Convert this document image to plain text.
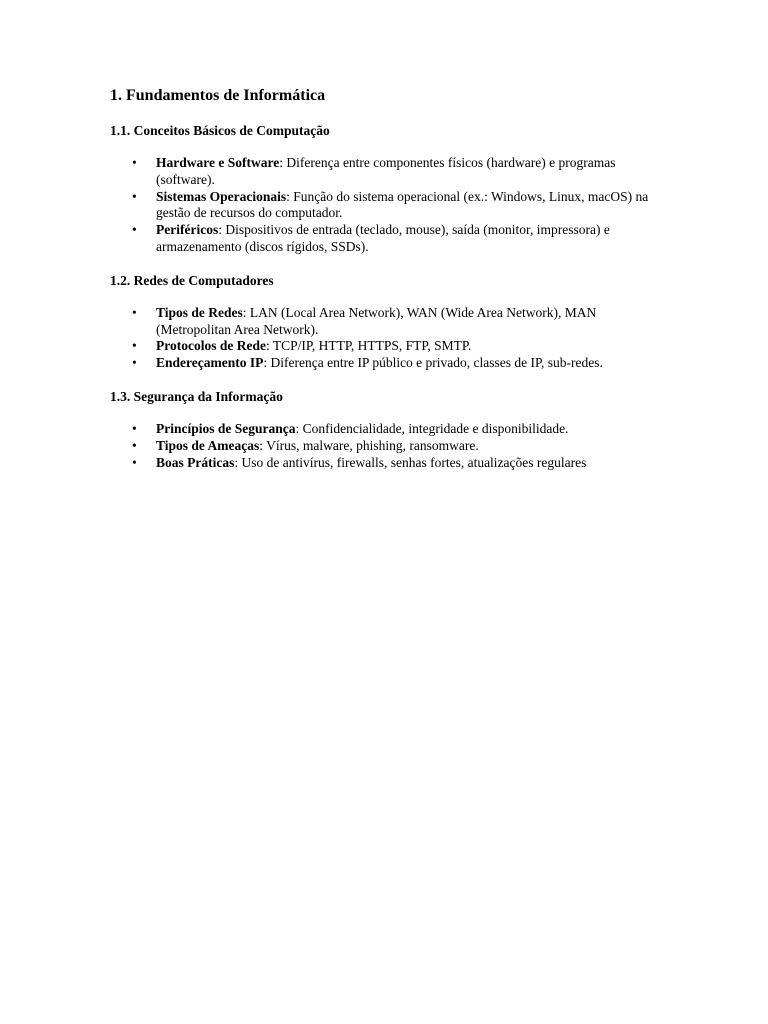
1. Fundamentos de Informática
1.1. Conceitos Básicos de Computação
• Hardware e Software: Diferença entre componentes físicos (hardware) e programas (software).
• Sistemas Operacionais: Função do sistema operacional (ex.: Windows, Linux, macOS) na gestão de recursos do computador.
• Periféricos: Dispositivos de entrada (teclado, mouse), saída (monitor, impressora) e armazenamento (discos rígidos, SSDs).
1.2. Redes de Computadores
• Tipos de Redes: LAN (Local Area Network), WAN (Wide Area Network), MAN (Metropolitan Area Network).
• Protocolos de Rede: TCP/IP, HTTP, HTTPS, FTP, SMTP.
• Endereçamento IP: Diferença entre IP público e privado, classes de IP, sub-redes.
1.3. Segurança da Informação
• Princípios de Segurança: Confidencialidade, integridade e disponibilidade.
• Tipos de Ameaças: Vírus, malware, phishing, ransomware.
• Boas Práticas: Uso de antivírus, firewalls, senhas fortes, atualizações regulares
